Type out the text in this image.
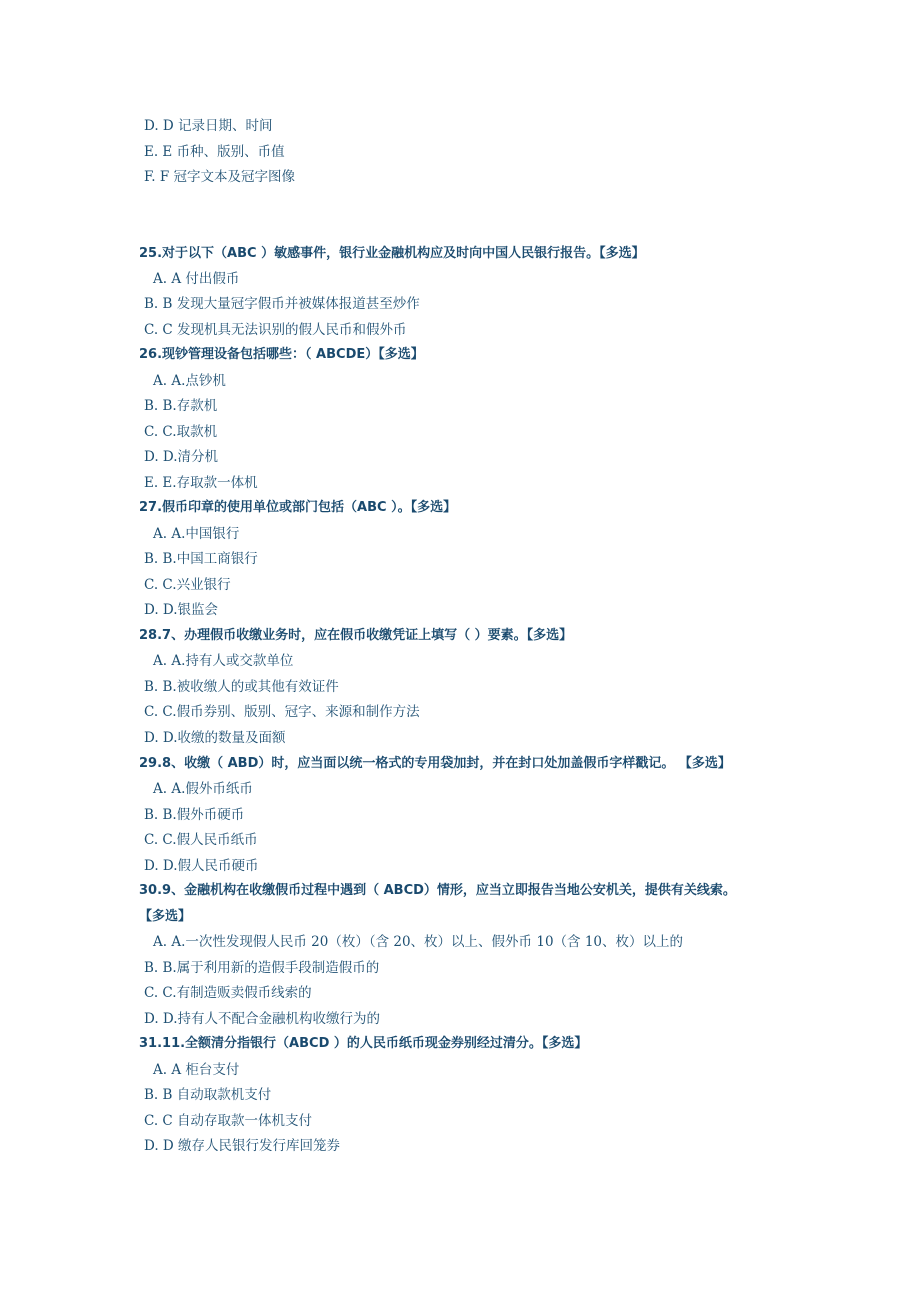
D. D 记录日期、时间
E. E 币种、版别、币值
F. F 冠字文本及冠字图像
25.对于以下（ABC ）敏感事件，银行业金融机构应及时向中国人民银行报告。【多选】
A. A 付出假币
B. B 发现大量冠字假币并被媒体报道甚至炒作
C. C 发现机具无法识别的假人民币和假外币
26.现钞管理设备包括哪些：（ ABCDE）【多选】
A. A.点钞机
B. B.存款机
C. C.取款机
D. D.清分机
E. E.存取款一体机
27.假币印章的使用单位或部门包括（ABC ）。【多选】
A. A.中国银行
B. B.中国工商银行
C. C.兴业银行
D. D.银监会
28.7、办理假币收缴业务时，应在假币收缴凭证上填写（ ）要素。【多选】
A. A.持有人或交款单位
B. B.被收缴人的或其他有效证件
C. C.假币券别、版别、冠字、来源和制作方法
D. D.收缴的数量及面额
29.8、收缴（ ABD）时，应当面以统一格式的专用袋加封，并在封口处加盖假币字样戳记。 【多选】
A. A.假外币纸币
B. B.假外币硬币
C. C.假人民币纸币
D. D.假人民币硬币
30.9、金融机构在收缴假币过程中遇到（ ABCD）情形，应当立即报告当地公安机关，提供有关线索。
【多选】
A. A.一次性发现假人民币 20（枚）（含 20、枚）以上、假外币 10（含 10、枚）以上的
B. B.属于利用新的造假手段制造假币的
C. C.有制造贩卖假币线索的
D. D.持有人不配合金融机构收缴行为的
31.11.全额清分指银行（ABCD ）的人民币纸币现金券别经过清分。【多选】
A. A 柜台支付
B. B 自动取款机支付
C. C 自动存取款一体机支付
D. D 缴存人民银行发行库回笼券
